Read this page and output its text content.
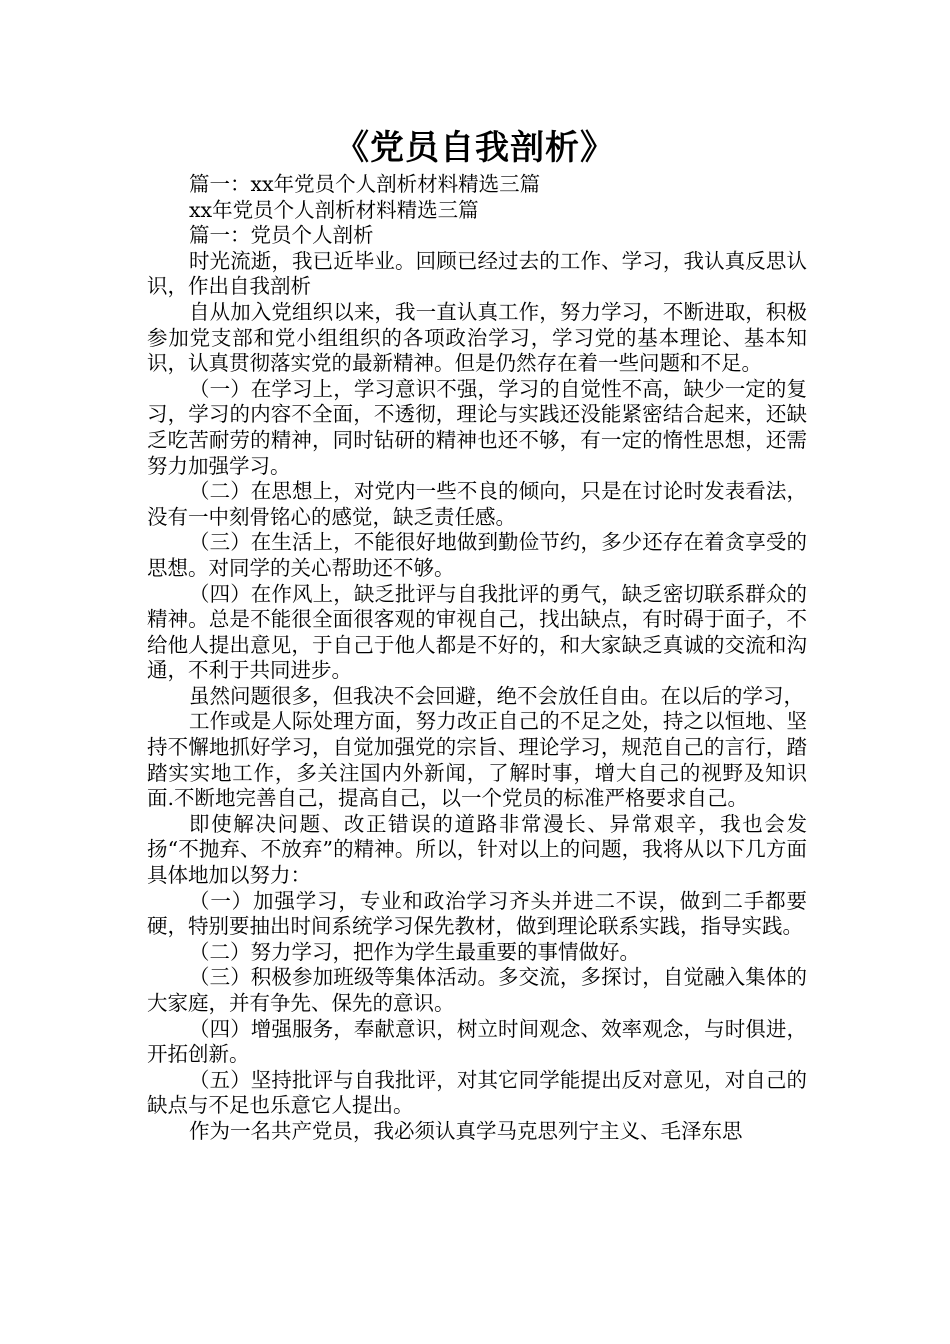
《党员自我剖析》

篇一：xx年党员个人剖析材料精选三篇

xx年党员个人剖析材料精选三篇

篇一：党员个人剖析

时光流逝，我已近毕业。回顾已经过去的工作、学习，我认真反思认识，作出自我剖析

自从加入党组织以来，我一直认真工作，努力学习，不断进取，积极参加党支部和党小组组织的各项政治学习，学习党的基本理论、基本知识，认真贯彻落实党的最新精神。但是仍然存在着一些问题和不足。

（一）在学习上，学习意识不强，学习的自觉性不高，缺少一定的复习，学习的内容不全面，不透彻，理论与实践还没能紧密结合起来，还缺乏吃苦耐劳的精神，同时钻研的精神也还不够，有一定的惰性思想，还需努力加强学习。

（二）在思想上，对党内一些不良的倾向，只是在讨论时发表看法，没有一中刻骨铭心的感觉，缺乏责任感。

（三）在生活上，不能很好地做到勤俭节约，多少还存在着贪享受的思想。对同学的关心帮助还不够。

（四）在作风上，缺乏批评与自我批评的勇气，缺乏密切联系群众的精神。总是不能很全面很客观的审视自己，找出缺点，有时碍于面子，不给他人提出意见，于自己于他人都是不好的，和大家缺乏真诚的交流和沟通，不利于共同进步。

虽然问题很多，但我决不会回避，绝不会放任自由。在以后的学习，

工作或是人际处理方面，努力改正自己的不足之处，持之以恒地、坚持不懈地抓好学习，自觉加强党的宗旨、理论学习，规范自己的言行，踏踏实实地工作，多关注国内外新闻，了解时事，增大自己的视野及知识面.不断地完善自己，提高自己，以一个党员的标准严格要求自己。

即使解决问题、改正错误的道路非常漫长、异常艰辛，我也会发扬“不抛弃、不放弃”的精神。所以，针对以上的问题，我将从以下几方面具体地加以努力：

（一）加强学习，专业和政治学习齐头并进二不误，做到二手都要硬，特别要抽出时间系统学习保先教材，做到理论联系实践，指导实践。

（二）努力学习，把作为学生最重要的事情做好。

（三）积极参加班级等集体活动。多交流，多探讨，自觉融入集体的大家庭，并有争先、保先的意识。

（四）增强服务，奉献意识，树立时间观念、效率观念，与时俱进，开拓创新。

（五）坚持批评与自我批评，对其它同学能提出反对意见，对自己的缺点与不足也乐意它人提出。

作为一名共产党员，我必须认真学马克思列宁主义、毛泽东思
